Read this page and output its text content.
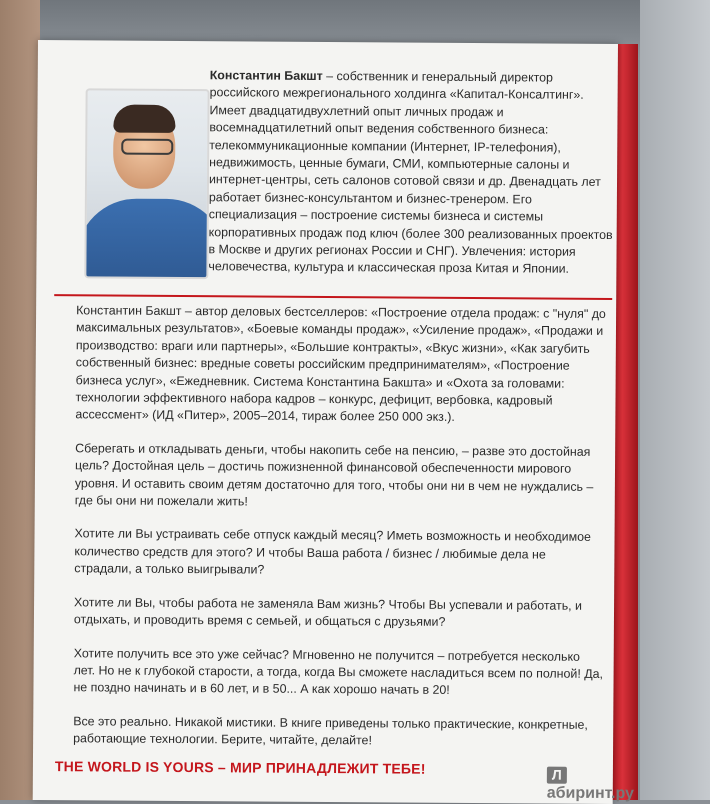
Константин Бакшт – собственник и генеральный директор российского межрегионального холдинга «Капитал-Консалтинг». Имеет двадцатидвухлетний опыт личных продаж и восемнадцатилетний опыт ведения собственного бизнеса: телекоммуникационные компании (Интернет, IP-телефония), недвижимость, ценные бумаги, СМИ, компьютерные салоны и интернет-центры, сеть салонов сотовой связи и др. Двенадцать лет работает бизнес-консультантом и бизнес-тренером. Его специализация – построение системы бизнеса и системы корпоративных продаж под ключ (более 300 реализованных проектов в Москве и других регионах России и СНГ). Увлечения: история человечества, культура и классическая проза Китая и Японии.

Константин Бакшт – автор деловых бестселлеров: «Построение отдела продаж: с "нуля" до максимальных результатов», «Боевые команды продаж», «Усиление продаж», «Продажи и производство: враги или партнеры», «Большие контракты», «Вкус жизни», «Как загубить собственный бизнес: вредные советы российским предпринимателям», «Построение бизнеса услуг», «Ежедневник. Система Константина Бакшта» и «Охота за головами: технологии эффективного набора кадров – конкурс, дефицит, вербовка, кадровый ассессмент» (ИД «Питер», 2005–2014, тираж более 250 000 экз.).

Сберегать и откладывать деньги, чтобы накопить себе на пенсию, – разве это достойная цель? Достойная цель – достичь пожизненной финансовой обеспеченности мирового уровня. И оставить своим детям достаточно для того, чтобы они ни в чем не нуждались – где бы они ни пожелали жить!

Хотите ли Вы устраивать себе отпуск каждый месяц? Иметь возможность и необходимое количество средств для этого? И чтобы Ваша работа / бизнес / любимые дела не страдали, а только выигрывали?

Хотите ли Вы, чтобы работа не заменяла Вам жизнь? Чтобы Вы успевали и работать, и отдыхать, и проводить время с семьей, и общаться с друзьями?

Хотите получить все это уже сейчас? Мгновенно не получится – потребуется несколько лет. Но не к глубокой старости, а тогда, когда Вы сможете насладиться всем по полной! Да, не поздно начинать и в 60 лет, и в 50... А как хорошо начать в 20!

Все это реально. Никакой мистики. В книге приведены только практические, конкретные, работающие технологии. Берите, читайте, делайте!

THE WORLD IS YOURS – МИР ПРИНАДЛЕЖИТ ТЕБЕ!	Лабиринт.ру
